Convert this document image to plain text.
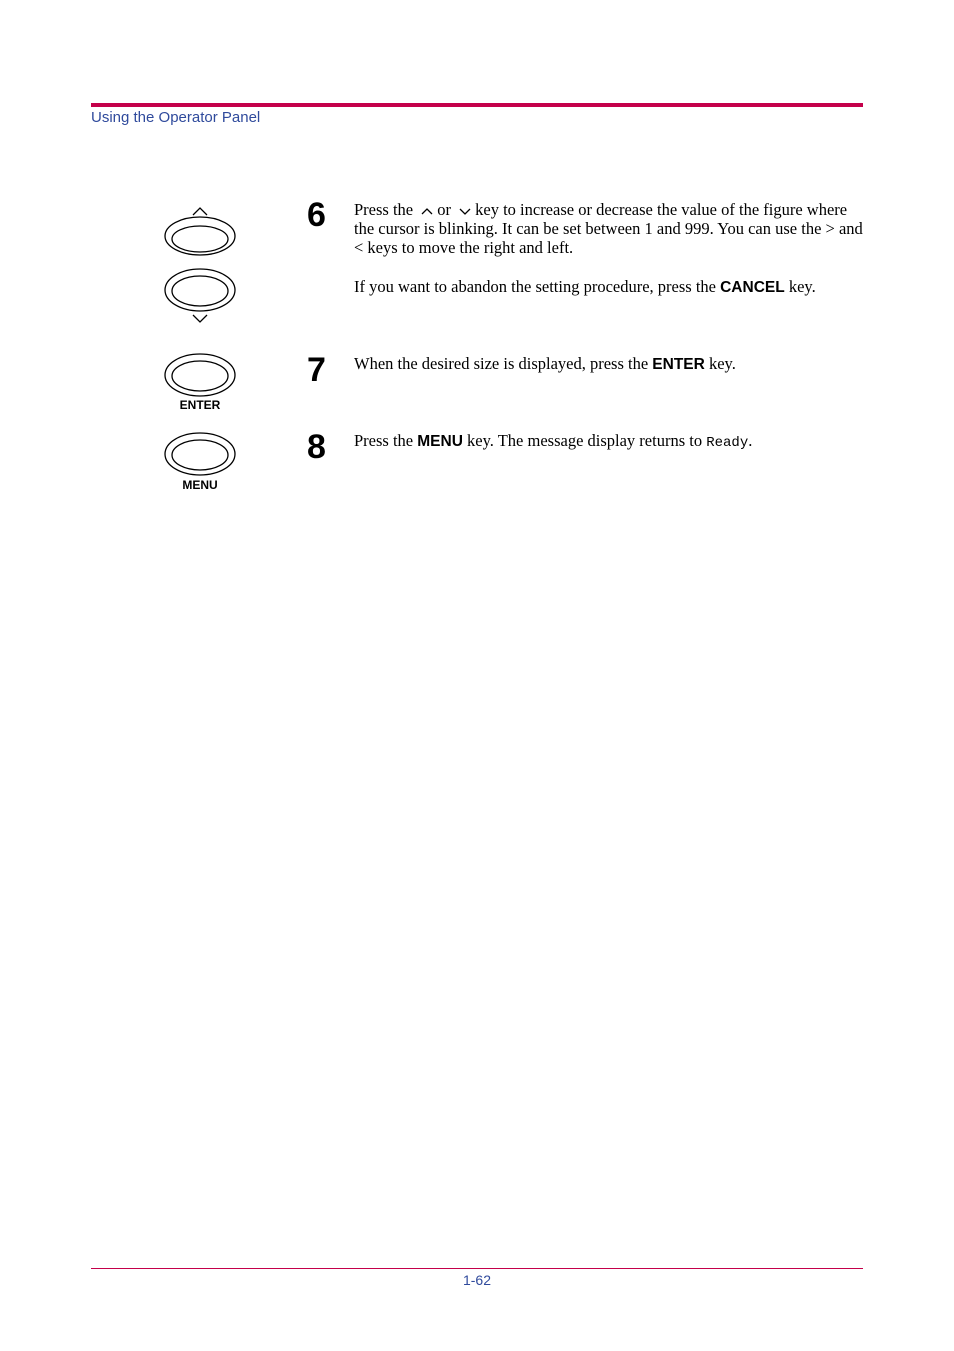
Using the Operator Panel
ENTER
MENU
6 Press the or key to increase or decrease the value of the figure where the cursor is blinking. It can be set between 1 and 999. You can use the > and < keys to move the right and left.

If you want to abandon the setting procedure, press the CANCEL key.

7 When the desired size is displayed, press the ENTER key.

8 Press the MENU key. The message display returns to Ready.

1-62
